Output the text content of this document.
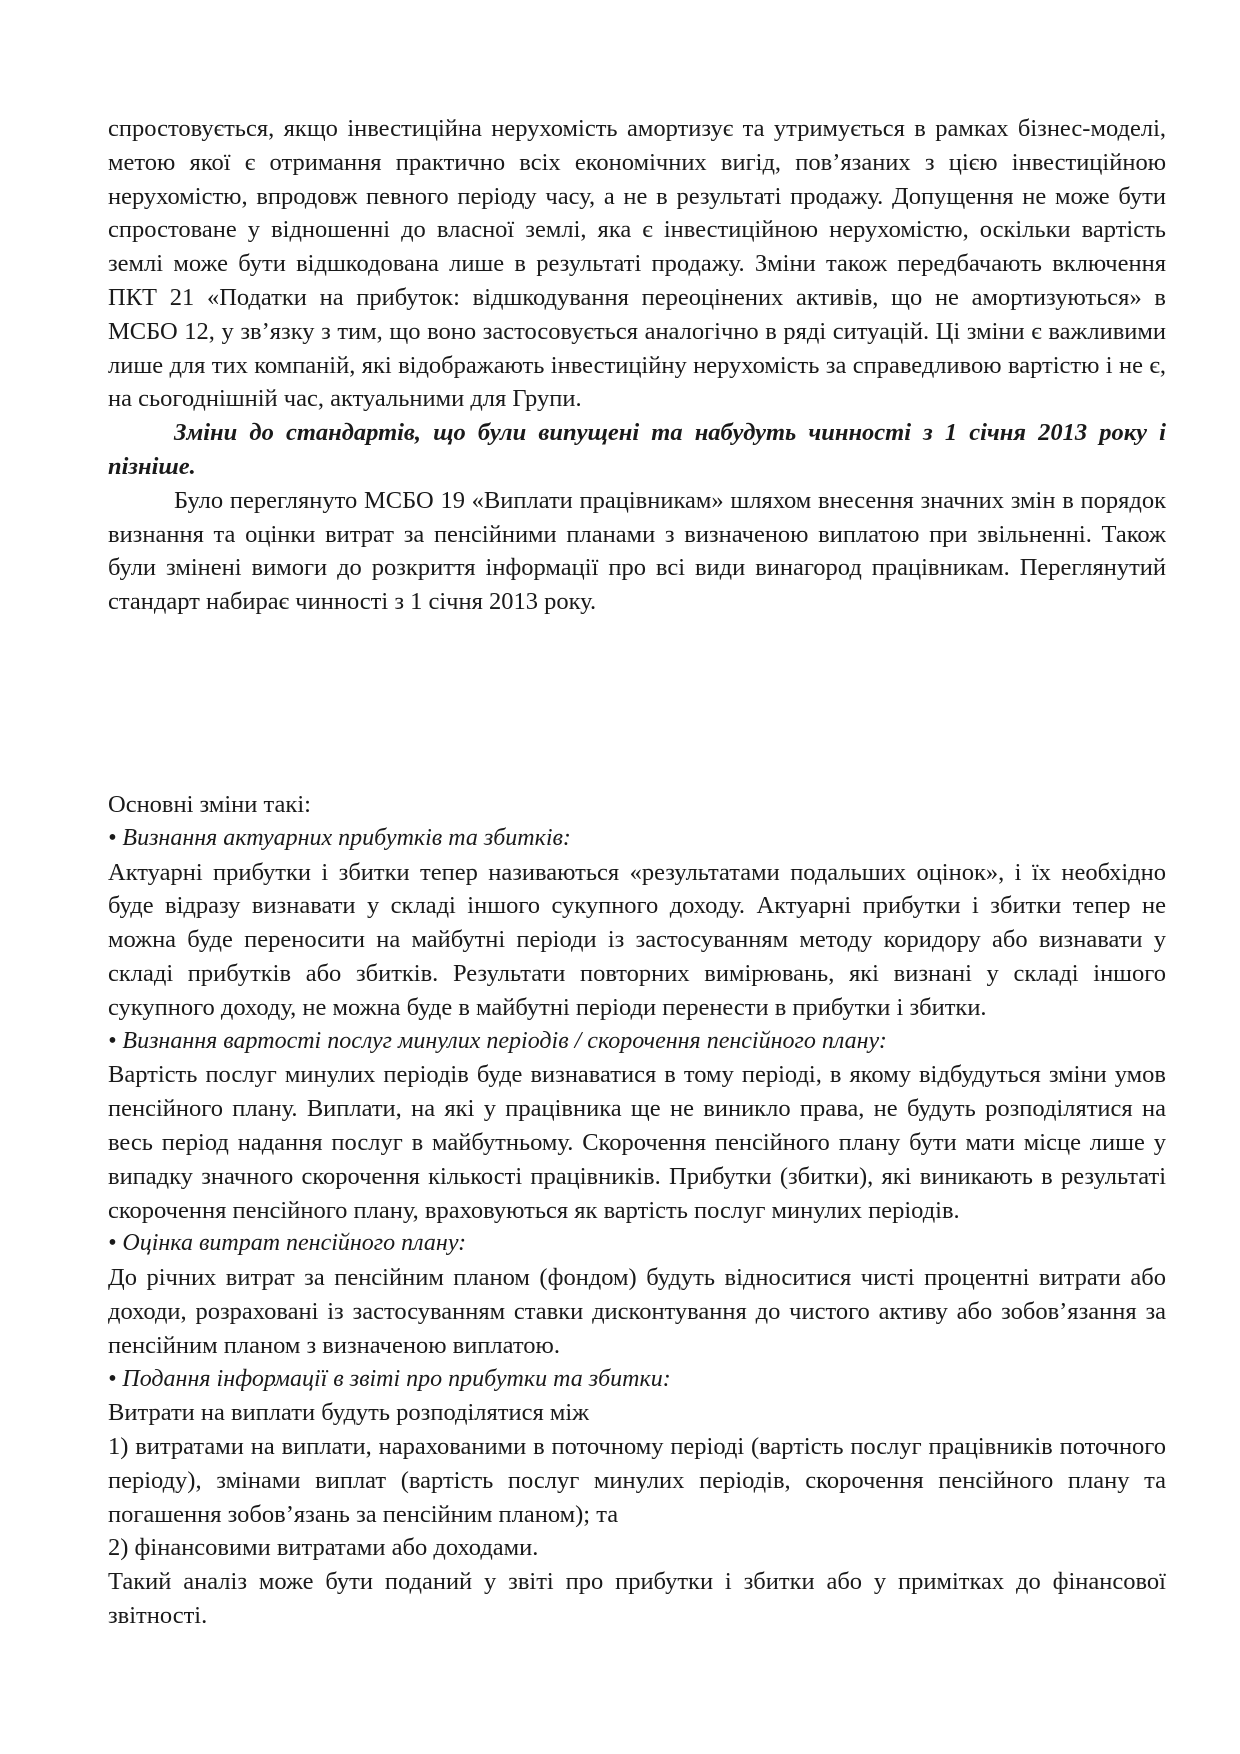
спростовується, якщо інвестиційна нерухомість амортизує та утримується в рамках бізнес-моделі, метою якої є отримання практично всіх економічних вигід, пов’язаних з цією інвестиційною нерухомістю, впродовж певного періоду часу, а не в результаті продажу. Допущення не може бути спростоване у відношенні до власної землі, яка є інвестиційною нерухомістю, оскільки вартість землі може бути відшкодована лише в результаті продажу. Зміни також передбачають включення ПКТ 21 «Податки на прибуток: відшкодування переоцінених активів, що не амортизуються» в МСБО 12, у зв’язку з тим, що воно застосовується аналогічно в ряді ситуацій. Ці зміни є важливими лише для тих компаній, які відображають інвестиційну нерухомість за справедливою вартістю і не є, на сьогоднішній час, актуальними для Групи.

Зміни до стандартів, що були випущені та набудуть чинності з 1 січня 2013 року і пізніше.

Було переглянуто МСБО 19 «Виплати працівникам» шляхом внесення значних змін в порядок визнання та оцінки витрат за пенсійними планами з визначеною виплатою при звільненні. Також були змінені вимоги до розкриття інформації про всі види винагород працівникам. Переглянутий стандарт набирає чинності з 1 січня 2013 року.

Основні зміни такі:

• Визнання актуарних прибутків та збитків:

Актуарні прибутки і збитки тепер називаються «результатами подальших оцінок», і їх необхідно буде відразу визнавати у складі іншого сукупного доходу. Актуарні прибутки і збитки тепер не можна буде переносити на майбутні періоди із застосуванням методу коридору або визнавати у складі прибутків або збитків. Результати повторних вимірювань, які визнані у складі іншого сукупного доходу, не можна буде в майбутні періоди перенести в прибутки і збитки.

• Визнання вартості послуг минулих періодів / скорочення пенсійного плану:

Вартість послуг минулих періодів буде визнаватися в тому періоді, в якому відбудуться зміни умов пенсійного плану. Виплати, на які у працівника ще не виникло права, не будуть розподілятися на весь період надання послуг в майбутньому. Скорочення пенсійного плану бути мати місце лише у випадку значного скорочення кількості працівників. Прибутки (збитки), які виникають в результаті скорочення пенсійного плану, враховуються як вартість послуг минулих періодів.

• Оцінка витрат пенсійного плану:

До річних витрат за пенсійним планом (фондом) будуть відноситися чисті процентні витрати або доходи, розраховані із застосуванням ставки дисконтування до чистого активу або зобов’язання за пенсійним планом з визначеною виплатою.

• Подання інформації в звіті про прибутки та збитки:

Витрати на виплати будуть розподілятися між

1) витратами на виплати, нарахованими в поточному періоді (вартість послуг працівників поточного періоду), змінами виплат (вартість послуг минулих періодів, скорочення пенсійного плану та погашення зобов’язань за пенсійним планом); та

2) фінансовими витратами або доходами.

Такий аналіз може бути поданий у звіті про прибутки і збитки або у примітках до фінансової звітності.
